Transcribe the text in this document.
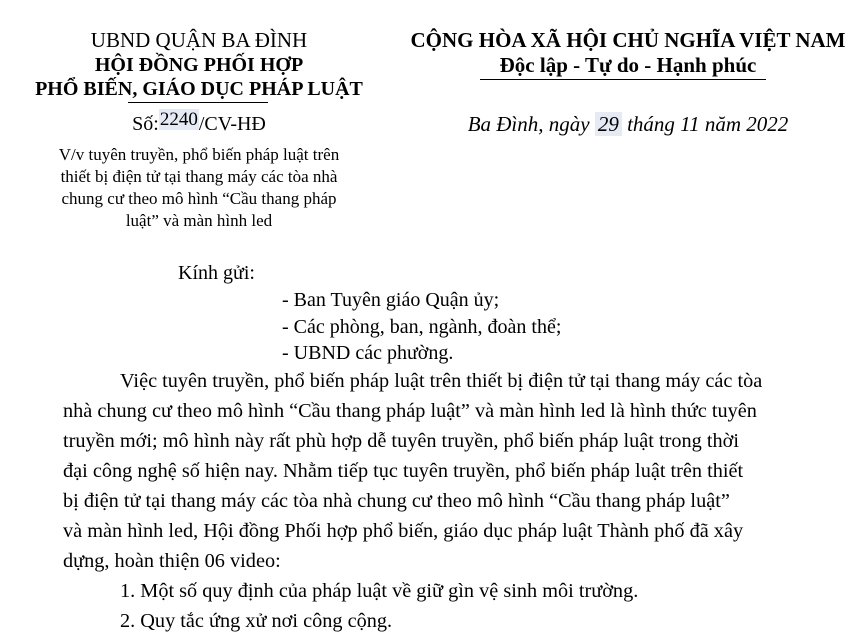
UBND QUẬN BA ĐÌNH
HỘI ĐỒNG PHỐI HỢP
PHỔ BIẾN, GIÁO DỤC PHÁP LUẬT
Số:2240/CV-HĐ
V/v tuyên truyền, phổ biến pháp luật trên
thiết bị điện tử tại thang máy các tòa nhà
chung cư theo mô hình “Cầu thang pháp
luật” và màn hình led
CỘNG HÒA XÃ HỘI CHỦ NGHĨA VIỆT NAM
Độc lập - Tự do - Hạnh phúc
Ba Đình, ngày 29 tháng 11 năm 2022
Kính gửi:
- Ban Tuyên giáo Quận ủy;
- Các phòng, ban, ngành, đoàn thể;
- UBND các phường.
Việc tuyên truyền, phổ biến pháp luật trên thiết bị điện tử tại thang máy các tòa
nhà chung cư theo mô hình “Cầu thang pháp luật” và màn hình led là hình thức tuyên
truyền mới; mô hình này rất phù hợp dễ tuyên truyền, phổ biến pháp luật trong thời
đại công nghệ số hiện nay. Nhằm tiếp tục tuyên truyền, phổ biến pháp luật trên thiết
bị điện tử tại thang máy các tòa nhà chung cư theo mô hình “Cầu thang pháp luật”
và màn hình led, Hội đồng Phối hợp phổ biến, giáo dục pháp luật Thành phố đã xây
dựng, hoàn thiện 06 video:
1. Một số quy định của pháp luật về giữ gìn vệ sinh môi trường.
2. Quy tắc ứng xử nơi công cộng.
